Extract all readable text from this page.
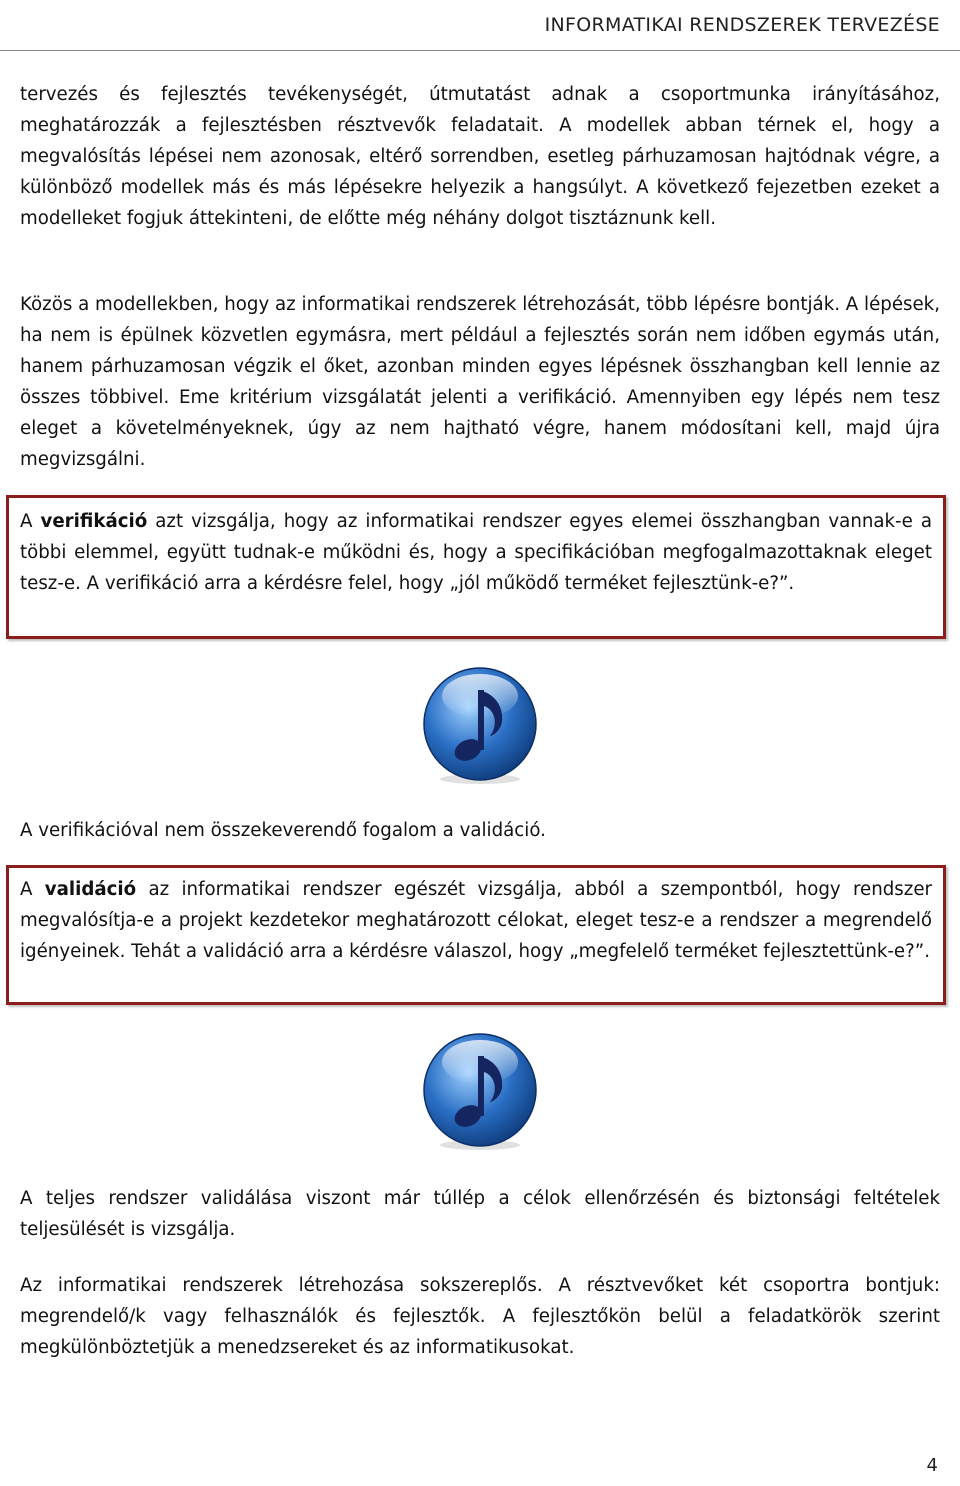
INFORMATIKAI RENDSZEREK TERVEZÉSE

tervezés és fejlesztés tevékenységét, útmutatást adnak a csoportmunka irányításához, meghatározzák a fejlesztésben résztvevők feladatait. A modellek abban térnek el, hogy a megvalósítás lépései nem azonosak, eltérő sorrendben, esetleg párhuzamosan hajtódnak végre, a különböző modellek más és más lépésekre helyezik a hangsúlyt. A következő fejezetben ezeket a modelleket fogjuk áttekinteni, de előtte még néhány dolgot tisztáznunk kell.

Közös a modellekben, hogy az informatikai rendszerek létrehozását, több lépésre bontják. A lépések, ha nem is épülnek közvetlen egymásra, mert például a fejlesztés során nem időben egymás után, hanem párhuzamosan végzik el őket, azonban minden egyes lépésnek összhangban kell lennie az összes többivel. Eme kritérium vizsgálatát jelenti a verifikáció. Amennyiben egy lépés nem tesz eleget a követelményeknek, úgy az nem hajtható végre, hanem módosítani kell, majd újra megvizsgálni.

A verifikáció azt vizsgálja, hogy az informatikai rendszer egyes elemei összhangban vannak-e a többi elemmel, együtt tudnak-e működni és, hogy a specifikációban megfogalmazottaknak eleget tesz-e. A verifikáció arra a kérdésre felel, hogy „jól működő terméket fejlesztünk-e?”.

A verifikációval nem összekeverendő fogalom a validáció.

A validáció az informatikai rendszer egészét vizsgálja, abból a szempontból, hogy rendszer megvalósítja-e a projekt kezdetekor meghatározott célokat, eleget tesz-e a rendszer a megrendelő igényeinek. Tehát a validáció arra a kérdésre válaszol, hogy „megfelelő terméket fejlesztettünk-e?”.

A teljes rendszer validálása viszont már túllép a célok ellenőrzésén és biztonsági feltételek teljesülését is vizsgálja.

Az informatikai rendszerek létrehozása sokszereplős. A résztvevőket két csoportra bontjuk: megrendelő/k vagy felhasználók és fejlesztők. A fejlesztőkön belül a feladatkörök szerint megkülönböztetjük a menedzsereket és az informatikusokat.

4
